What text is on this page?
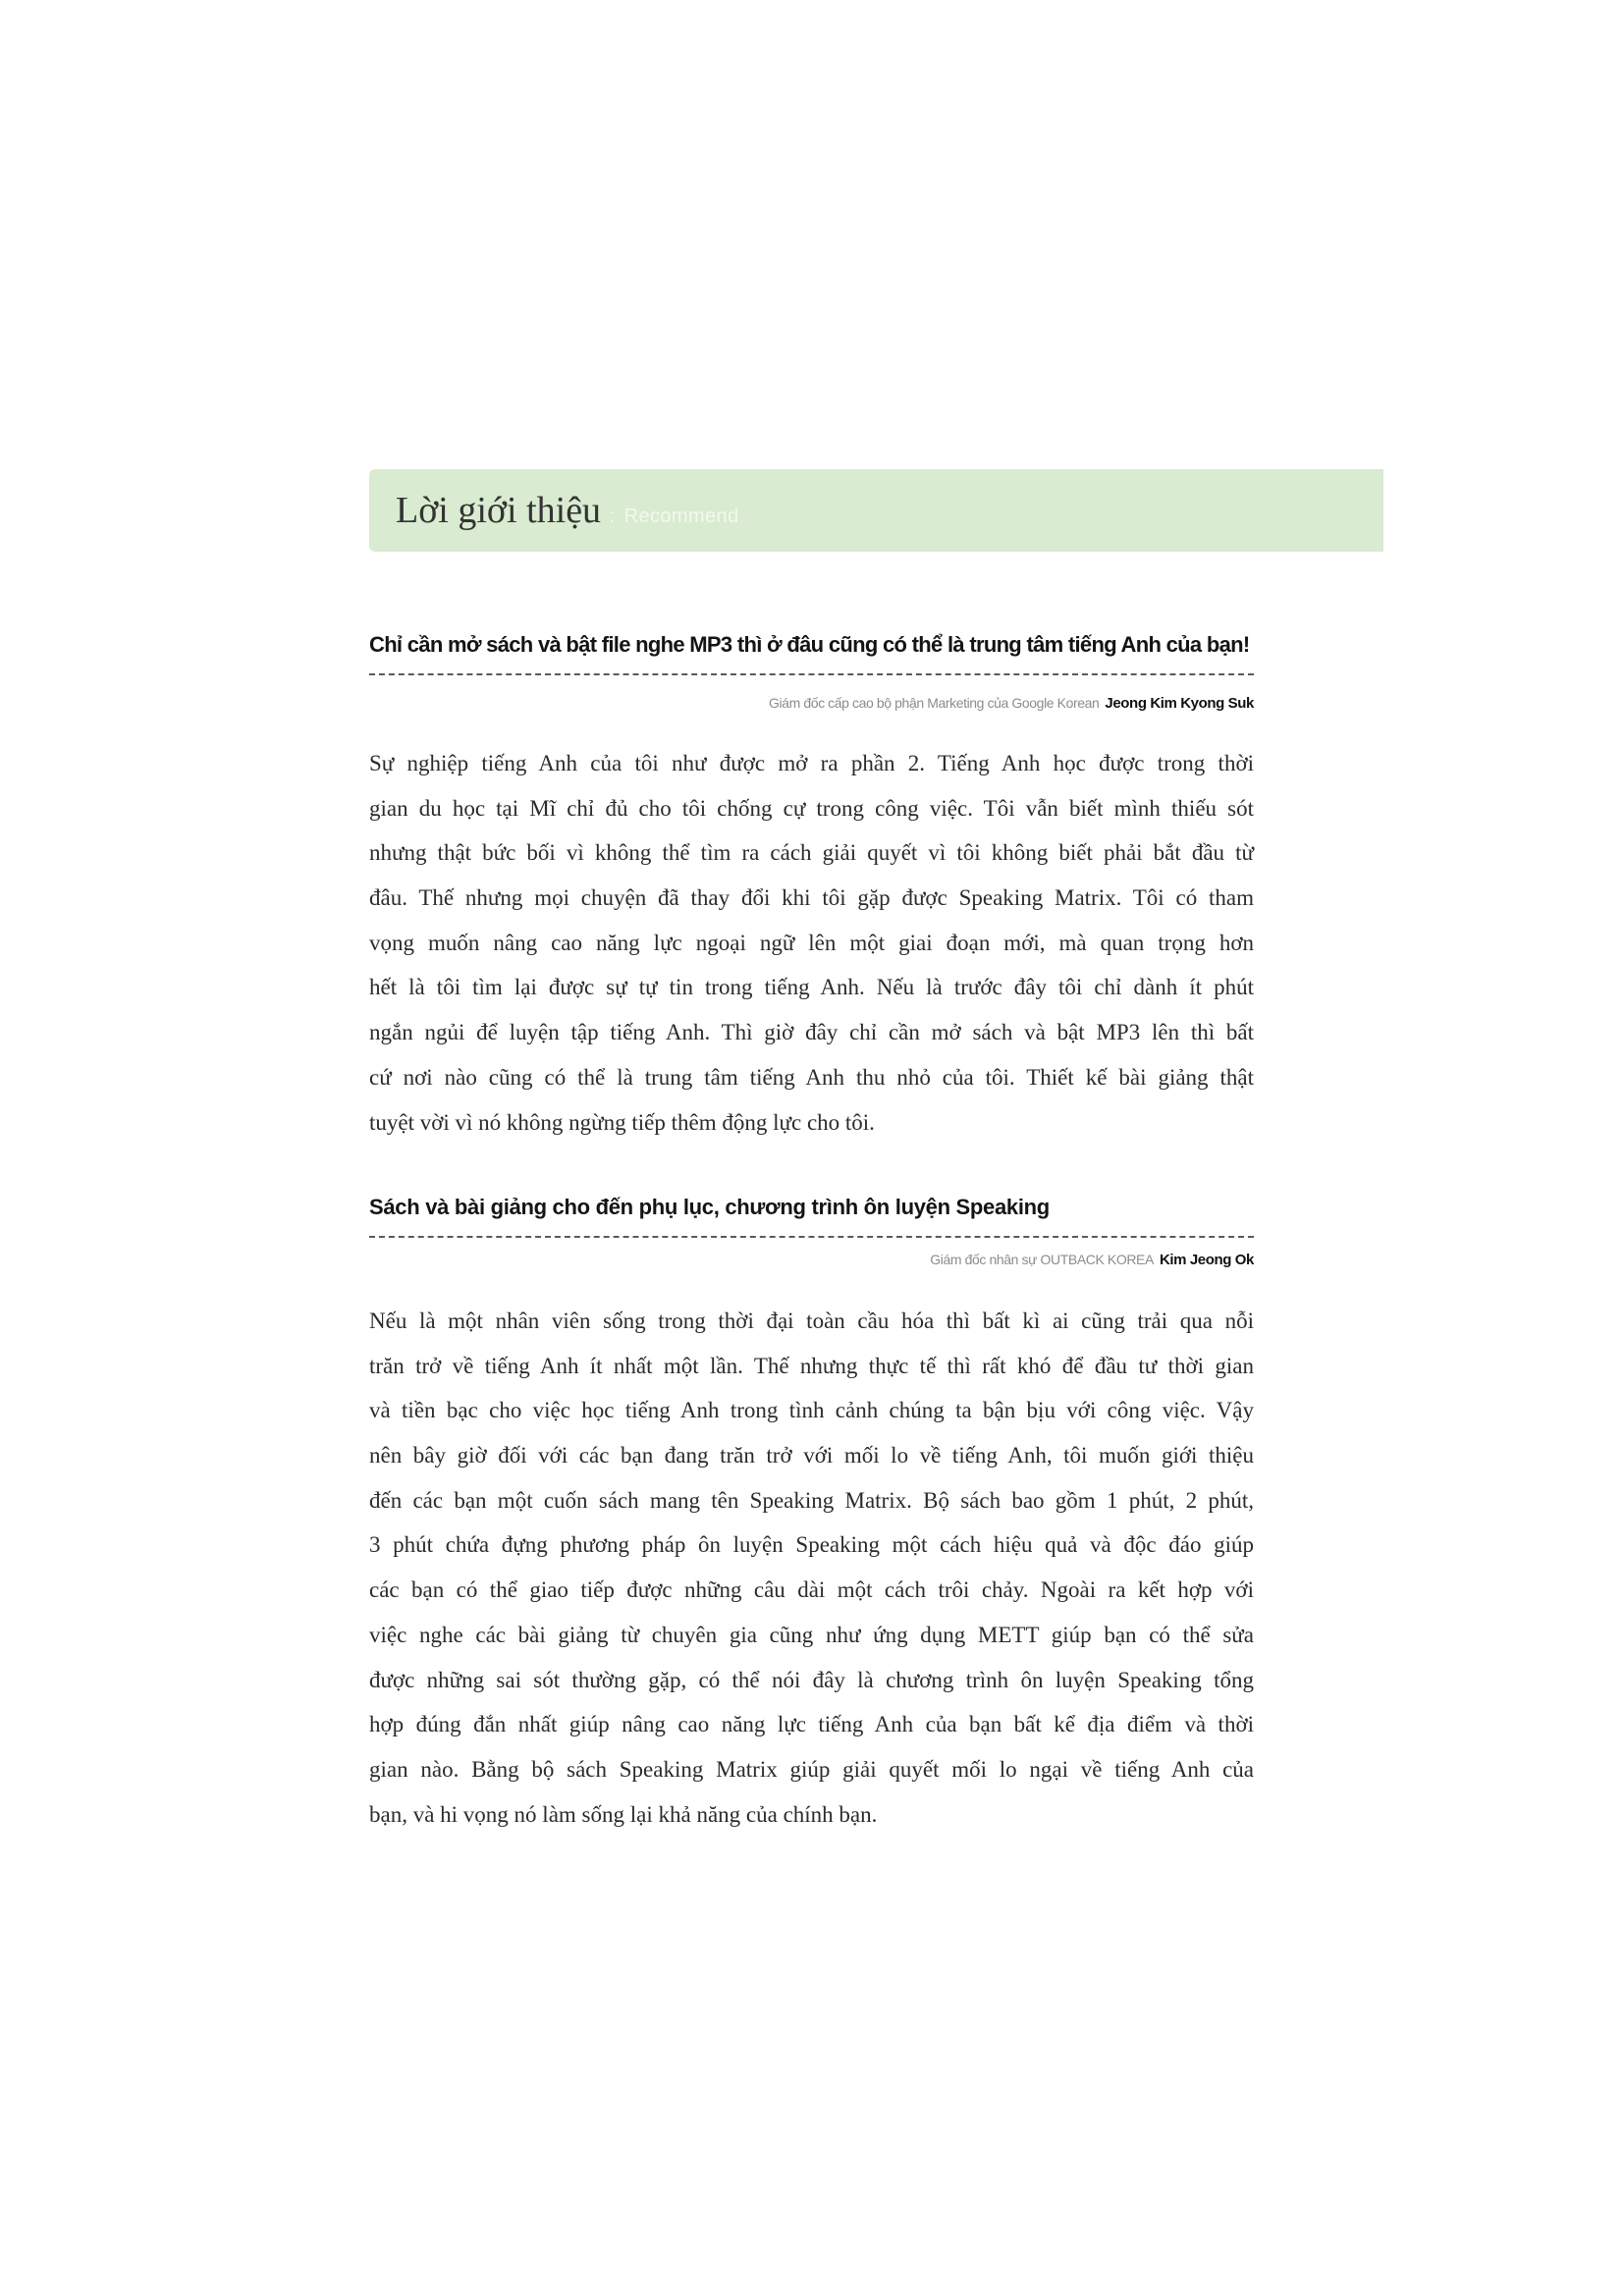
Lời giới thiệu : Recommend
Chỉ cần mở sách và bật file nghe MP3 thì ở đâu cũng có thể là trung tâm tiếng Anh của bạn!
Giám đốc cấp cao bộ phận Marketing của Google Korean Jeong Kim Kyong Suk
Sự nghiệp tiếng Anh của tôi như được mở ra phần 2. Tiếng Anh học được trong thời
gian du học tại Mĩ chỉ đủ cho tôi chống cự trong công việc. Tôi vẫn biết mình thiếu sót
nhưng thật bức bối vì không thể tìm ra cách giải quyết vì tôi không biết phải bắt đầu từ
đâu. Thế nhưng mọi chuyện đã thay đổi khi tôi gặp được Speaking Matrix. Tôi có tham
vọng muốn nâng cao năng lực ngoại ngữ lên một giai đoạn mới, mà quan trọng hơn
hết là tôi tìm lại được sự tự tin trong tiếng Anh. Nếu là trước đây tôi chỉ dành ít phút
ngắn ngủi để luyện tập tiếng Anh. Thì giờ đây chỉ cần mở sách và bật MP3 lên thì bất
cứ nơi nào cũng có thể là trung tâm tiếng Anh thu nhỏ của tôi. Thiết kế bài giảng thật
tuyệt vời vì nó không ngừng tiếp thêm động lực cho tôi.
Sách và bài giảng cho đến phụ lục, chương trình ôn luyện Speaking
Giám đốc nhân sự OUTBACK KOREA Kim Jeong Ok
Nếu là một nhân viên sống trong thời đại toàn cầu hóa thì bất kì ai cũng trải qua nỗi
trăn trở về tiếng Anh ít nhất một lần. Thế nhưng thực tế thì rất khó để đầu tư thời gian
và tiền bạc cho việc học tiếng Anh trong tình cảnh chúng ta bận bịu với công việc. Vậy
nên bây giờ đối với các bạn đang trăn trở với mối lo về tiếng Anh, tôi muốn giới thiệu
đến các bạn một cuốn sách mang tên Speaking Matrix. Bộ sách bao gồm 1 phút, 2 phút,
3 phút chứa đựng phương pháp ôn luyện Speaking một cách hiệu quả và độc đáo giúp
các bạn có thể giao tiếp được những câu dài một cách trôi chảy. Ngoài ra kết hợp với
việc nghe các bài giảng từ chuyên gia cũng như ứng dụng METT giúp bạn có thể sửa
được những sai sót thường gặp, có thể nói đây là chương trình ôn luyện Speaking tổng
hợp đúng đắn nhất giúp nâng cao năng lực tiếng Anh của bạn bất kể địa điểm và thời
gian nào. Bằng bộ sách Speaking Matrix giúp giải quyết mối lo ngại về tiếng Anh của
bạn, và hi vọng nó làm sống lại khả năng của chính bạn.
